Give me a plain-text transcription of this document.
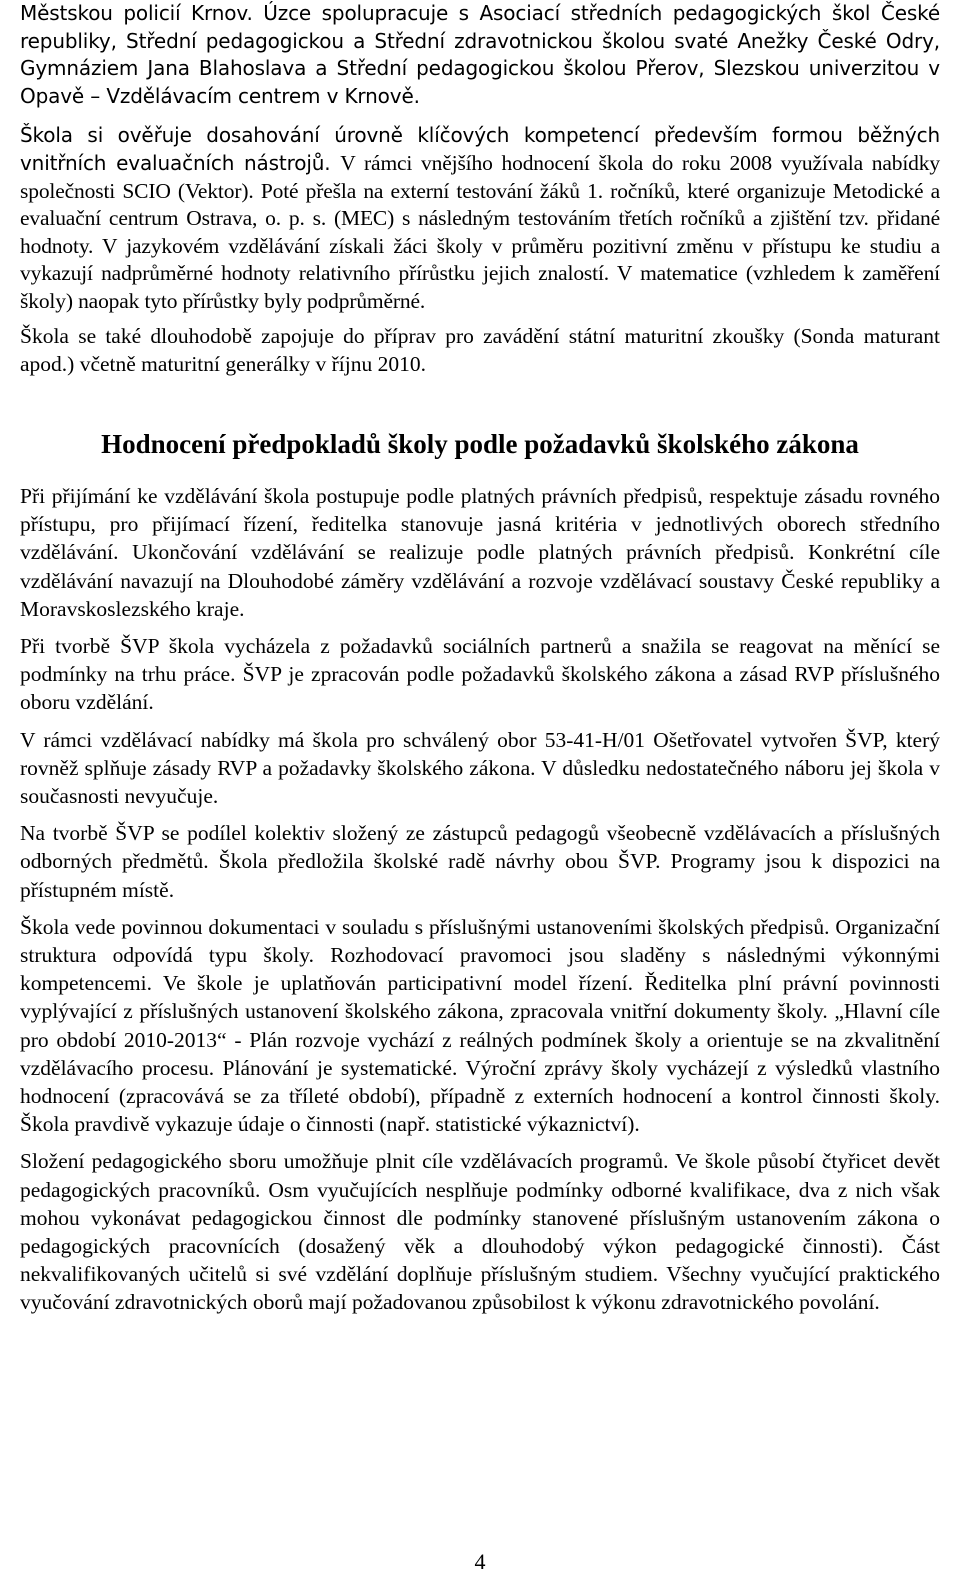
Městskou policií Krnov. Úzce spolupracuje s Asociací středních pedagogických škol České republiky, Střední pedagogickou a Střední zdravotnickou školou svaté Anežky České Odry, Gymnáziem Jana Blahoslava a Střední pedagogickou školou Přerov, Slezskou univerzitou v Opavě – Vzdělávacím centrem v Krnově.

Škola si ověřuje dosahování úrovně klíčových kompetencí především formou běžných vnitřních evaluačních nástrojů. V rámci vnějšího hodnocení škola do roku 2008 využívala nabídky společnosti SCIO (Vektor). Poté přešla na externí testování žáků 1. ročníků, které organizuje Metodické a evaluační centrum Ostrava, o. p. s. (MEC) s následným testováním třetích ročníků a zjištění tzv. přidané hodnoty. V jazykovém vzdělávání získali žáci školy v průměru pozitivní změnu v přístupu ke studiu a vykazují nadprůměrné hodnoty relativního přírůstku jejich znalostí. V matematice (vzhledem k zaměření školy) naopak tyto přírůstky byly podprůměrné.

Škola se také dlouhodobě zapojuje do příprav pro zavádění státní maturitní zkoušky (Sonda maturant apod.) včetně maturitní generálky v říjnu 2010.

Hodnocení předpokladů školy podle požadavků školského zákona

Při přijímání ke vzdělávání škola postupuje podle platných právních předpisů, respektuje zásadu rovného přístupu, pro přijímací řízení, ředitelka stanovuje jasná kritéria v jednotlivých oborech středního vzdělávání. Ukončování vzdělávání se realizuje podle platných právních předpisů. Konkrétní cíle vzdělávání navazují na Dlouhodobé záměry vzdělávání a rozvoje vzdělávací soustavy České republiky a Moravskoslezského kraje.

Při tvorbě ŠVP škola vycházela z požadavků sociálních partnerů a snažila se reagovat na měnící se podmínky na trhu práce. ŠVP je zpracován podle požadavků školského zákona a zásad RVP příslušného oboru vzdělání.

V rámci vzdělávací nabídky má škola pro schválený obor 53-41-H/01 Ošetřovatel vytvořen ŠVP, který rovněž splňuje zásady RVP a požadavky školského zákona. V důsledku nedostatečného náboru jej škola v současnosti nevyučuje.

Na tvorbě ŠVP se podílel kolektiv složený ze zástupců pedagogů všeobecně vzdělávacích a příslušných odborných předmětů. Škola předložila školské radě návrhy obou ŠVP. Programy jsou k dispozici na přístupném místě.

Škola vede povinnou dokumentaci v souladu s příslušnými ustanoveními školských předpisů. Organizační struktura odpovídá typu školy. Rozhodovací pravomoci jsou sladěny s následnými výkonnými kompetencemi. Ve škole je uplatňován participativní model řízení. Ředitelka plní právní povinnosti vyplývající z příslušných ustanovení školského zákona, zpracovala vnitřní dokumenty školy. „Hlavní cíle pro období 2010-2013“ - Plán rozvoje vychází z reálných podmínek školy a orientuje se na zkvalitnění vzdělávacího procesu. Plánování je systematické. Výroční zprávy školy vycházejí z výsledků vlastního hodnocení (zpracovává se za tříleté období), případně z externích hodnocení a kontrol činnosti školy. Škola pravdivě vykazuje údaje o činnosti (např. statistické výkaznictví).

Složení pedagogického sboru umožňuje plnit cíle vzdělávacích programů. Ve škole působí čtyřicet devět pedagogických pracovníků. Osm vyučujících nesplňuje podmínky odborné kvalifikace, dva z nich však mohou vykonávat pedagogickou činnost dle podmínky stanovené příslušným ustanovením zákona o pedagogických pracovnících (dosažený věk a dlouhodobý výkon pedagogické činnosti). Část nekvalifikovaných učitelů si své vzdělání doplňuje příslušným studiem. Všechny vyučující praktického vyučování zdravotnických oborů mají požadovanou způsobilost k výkonu zdravotnického povolání.

4
